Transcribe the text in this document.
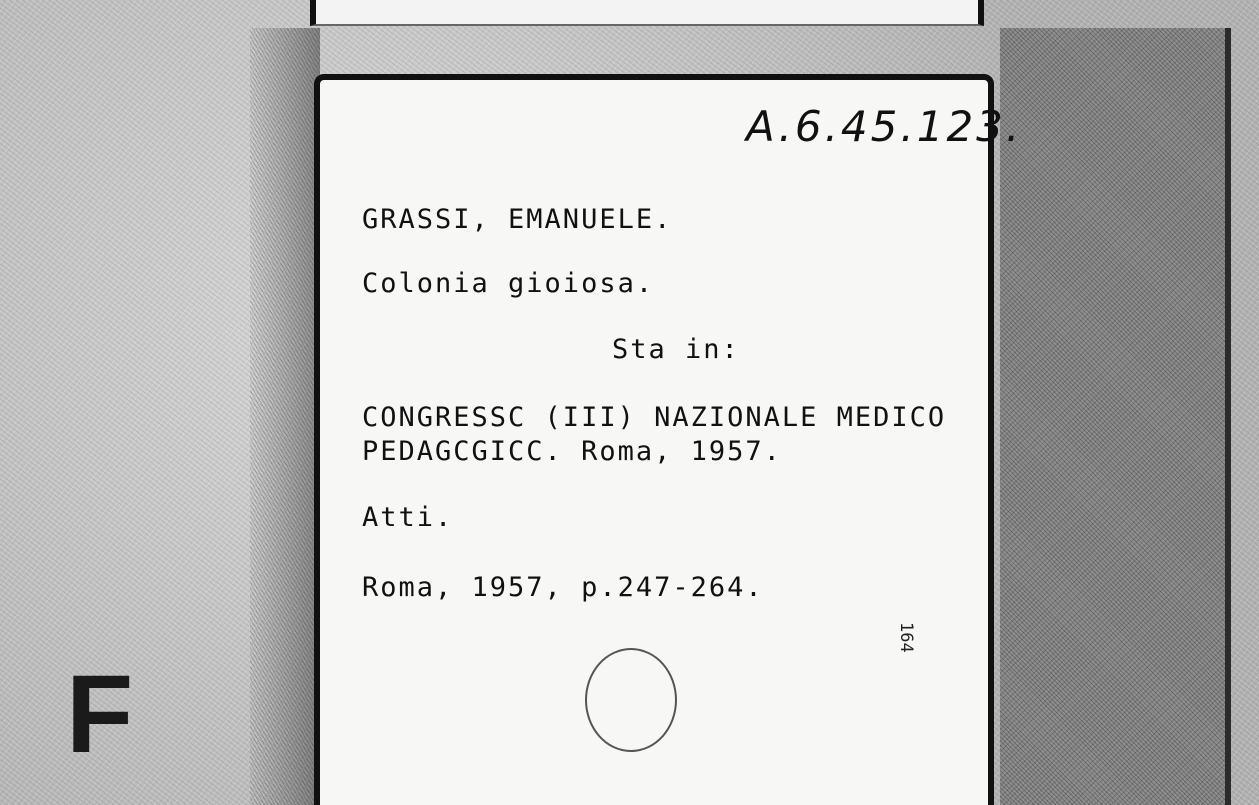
A.6.45.123.
GRASSI, EMANUELE.
Colonia gioiosa.
Sta in:
CONGRESSC (III) NAZIONALE MEDICO
PEDAGCGICC. Roma, 1957.
Atti.
Roma, 1957, p.247-264.
164
F
